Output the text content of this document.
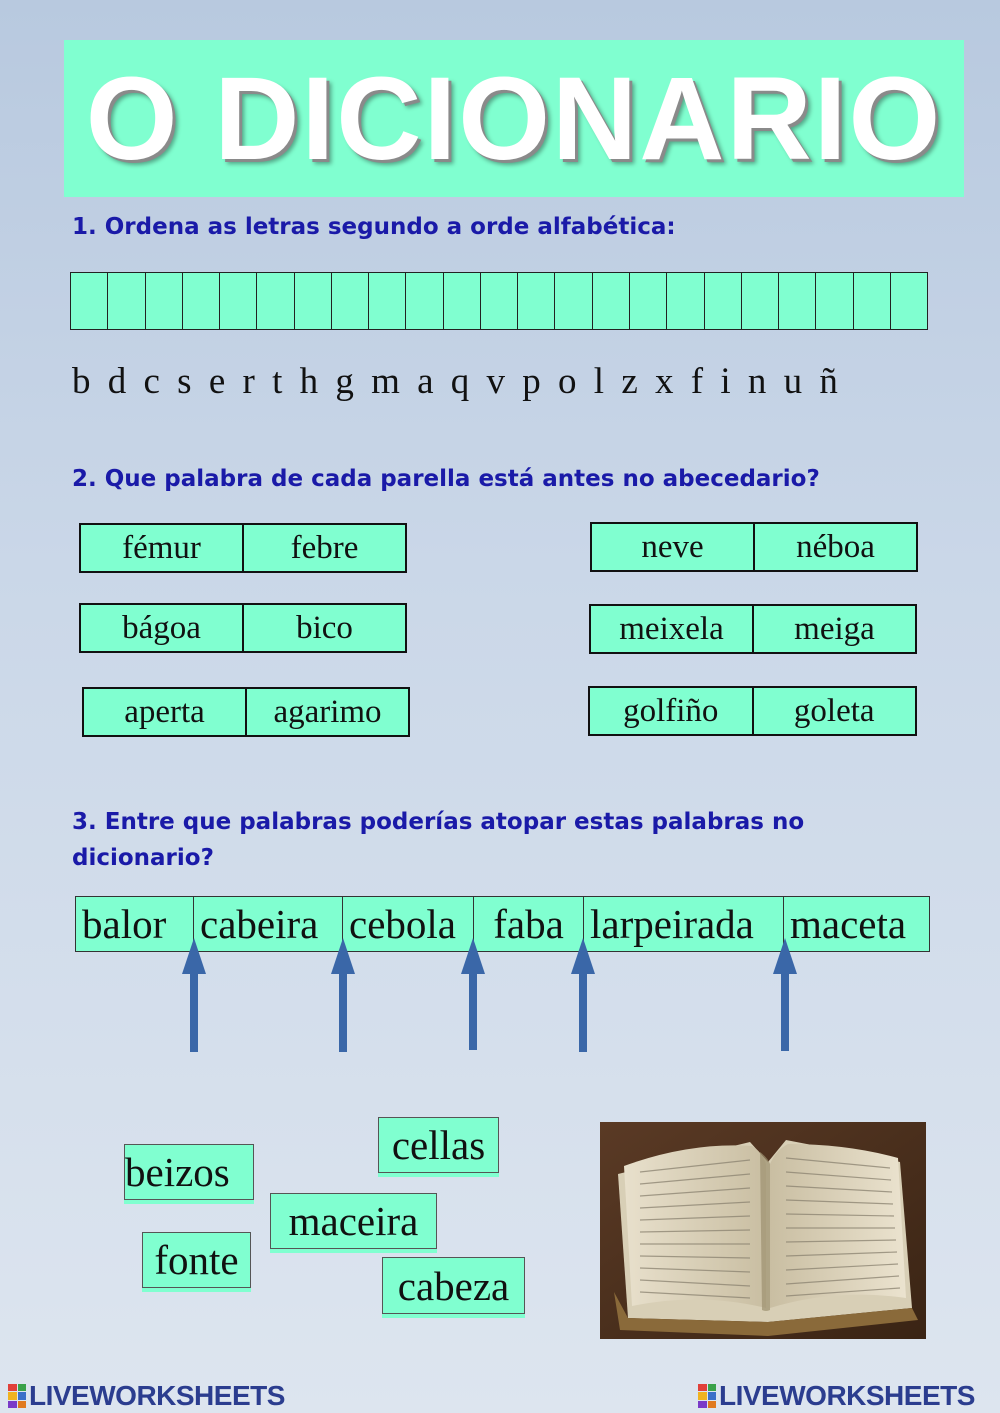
O DICIONARIO
1. Ordena as letras segundo a orde alfabética:
b d c s e r t h g m a q v p o l z x f i n u ñ
2. Que palabra de cada parella está antes no abecedario?
fémur	febre	neve	néboa
bágoa	bico	meixela	meiga
aperta	agarimo	golfiño	goleta
3. Entre que palabras poderías atopar estas palabras no dicionario?
balor cabeira cebola faba larpeirada maceta
cellas
beizos
maceira
fonte
cabeza
LIVEWORKSHEETS	LIVEWORKSHEETS
